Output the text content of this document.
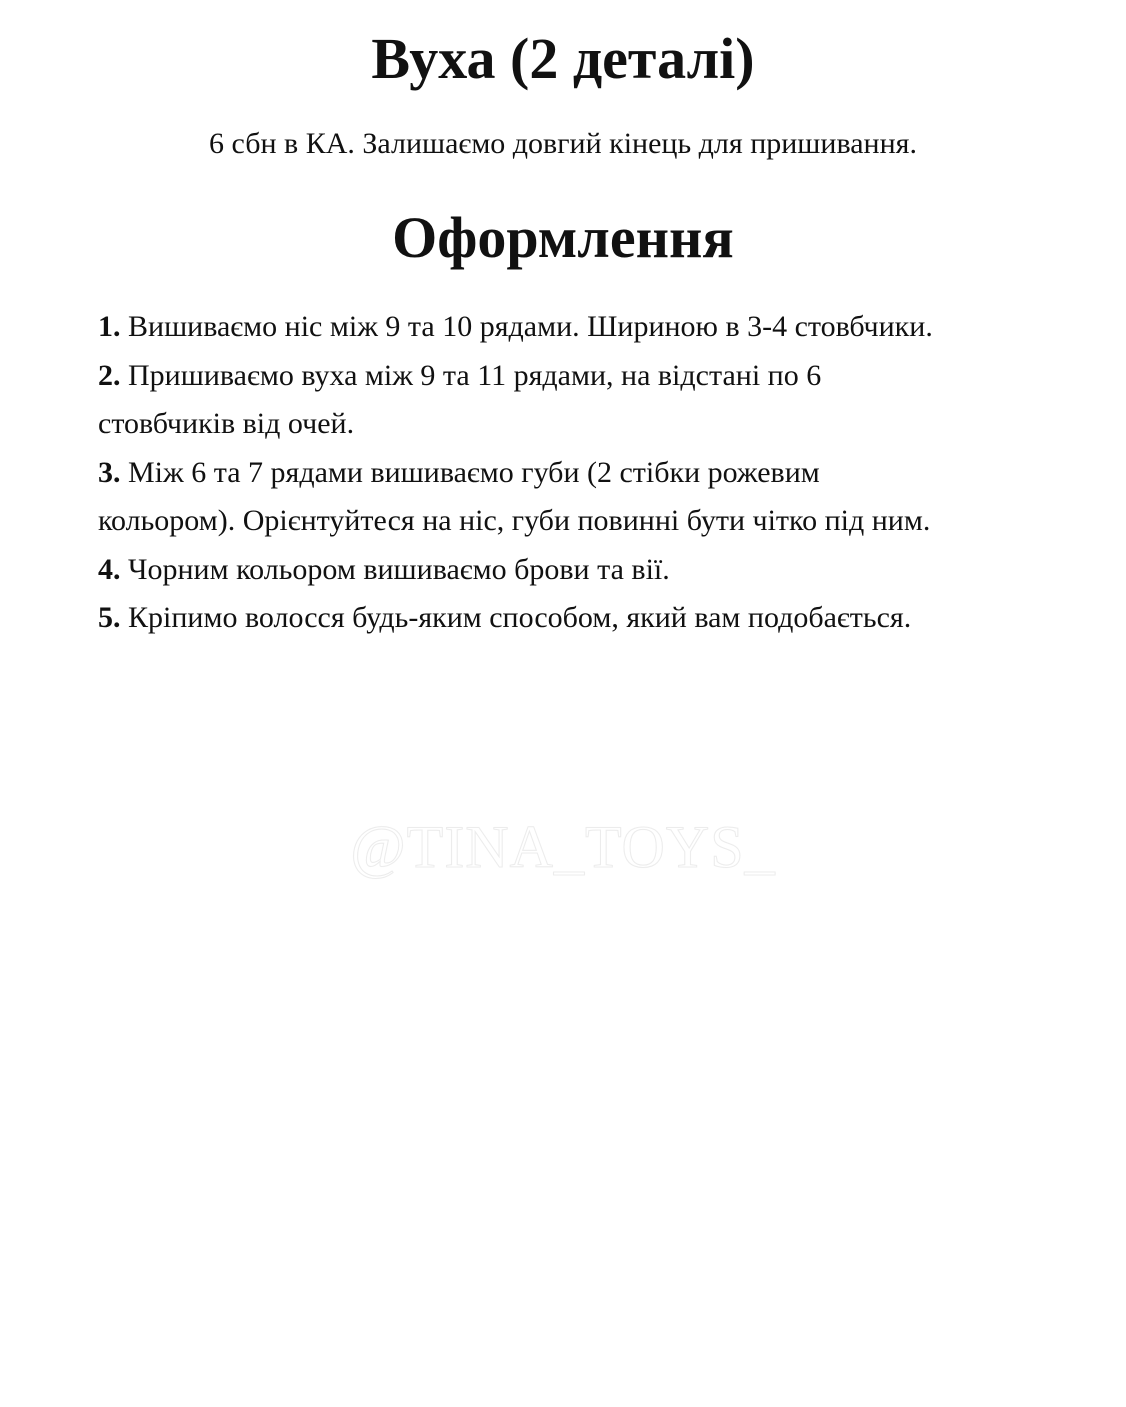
Вуха (2 деталі)

6 сбн в КА. Залишаємо довгий кінець для пришивання.

Оформлення
1. Вишиваємо ніс між 9 та 10 рядами. Шириною в 3-4 стовбчики.
2. Пришиваємо вуха між 9 та 11 рядами, на відстані по 6 стовбчиків від очей.
3. Між 6 та 7 рядами вишиваємо губи (2 стібки рожевим кольором). Орієнтуйтеся на ніс, губи повинні бути чітко під ним.
4. Чорним кольором вишиваємо брови та вії.
5. Кріпимо волосся будь-яким способом, який вам подобається.
@TINA_TOYS_
